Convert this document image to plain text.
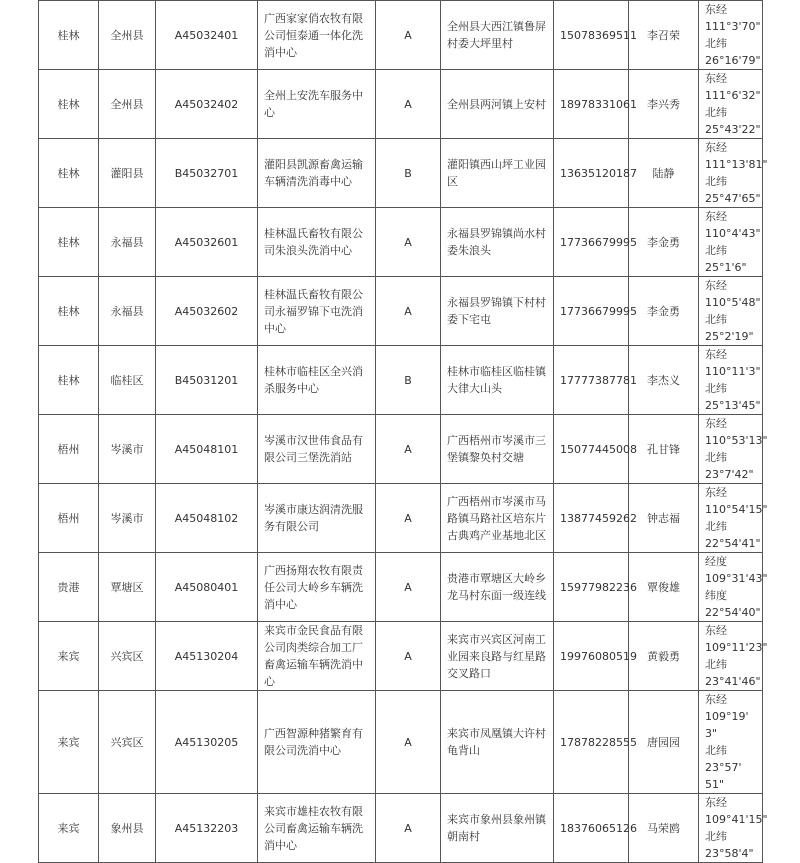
桂林	全州县	A45032401	广西家家俏农牧有限公司恒泰通一体化洗消中心	A	全州县大西江镇鲁屏村委大坪里村	15078369511	李召荣	东经111°3'70"
北纬26°16'79"

桂林	全州县	A45032402	全州上安洗车服务中心	A	全州县两河镇上安村	18978331061	李兴秀	东经111°6'32"
北纬25°43'22"

桂林	灌阳县	B45032701	灌阳县凯源畜禽运输车辆清洗消毒中心	B	灌阳镇西山坪工业园区	13635120187	陆静	东经111°13'81"
北纬25°47'65"

桂林	永福县	A45032601	桂林温氏畜牧有限公司朱浪头洗消中心	A	永福县罗锦镇尚水村委朱浪头	17736679995	李金勇	东经110°4'43"
北纬25°1'6"

桂林	永福县	A45032602	桂林温氏畜牧有限公司永福罗锦下屯洗消中心	A	永福县罗锦镇下村村委下宅屯	17736679995	李金勇	东经110°5'48"
北纬25°2'19"

桂林	临桂区	B45031201	桂林市临桂区全兴消杀服务中心	B	桂林市临桂区临桂镇大律大山头	17777387781	李杰义	东经110°11'3"
北纬25°13'45"

梧州	岑溪市	A45048101	岑溪市汉世伟食品有限公司三堡洗消站	A	广西梧州市岑溪市三堡镇黎奂村交塘	15077445008	孔甘锋	东经110°53'13"
北纬23°7'42"

梧州	岑溪市	A45048102	岑溪市康达润清洗服务有限公司	A	广西梧州市岑溪市马路镇马路社区培东片古典鸡产业基地北区	13877459262	钟志福	东经110°54'15"
北纬22°54'41"

贵港	覃塘区	A45080401	广西扬翔农牧有限责任公司大岭乡车辆洗消中心	A	贵港市覃塘区大岭乡龙马村东面一级连线	15977982236	覃俊雄	经度109°31'43"
纬度22°54'40"

来宾	兴宾区	A45130204	来宾市金民食品有限公司肉类综合加工厂畜禽运输车辆洗消中心	A	来宾市兴宾区河南工业园来良路与红星路交叉路口	19976080519	黄毅勇	东经109°11'23"
北纬23°41'46"

来宾	兴宾区	A45130205	广西智源种猪繁育有限公司洗消中心	A	来宾市凤凰镇大许村龟背山	17878228555	唐园园	东经109°19' 3"
北纬23°57' 51"

来宾	象州县	A45132203	来宾市雄桂农牧有限公司畜禽运输车辆洗消中心	A	来宾市象州县象州镇朝南村	18376065126	马荣鸥	东经109°41'15"
北纬23°58'4"
